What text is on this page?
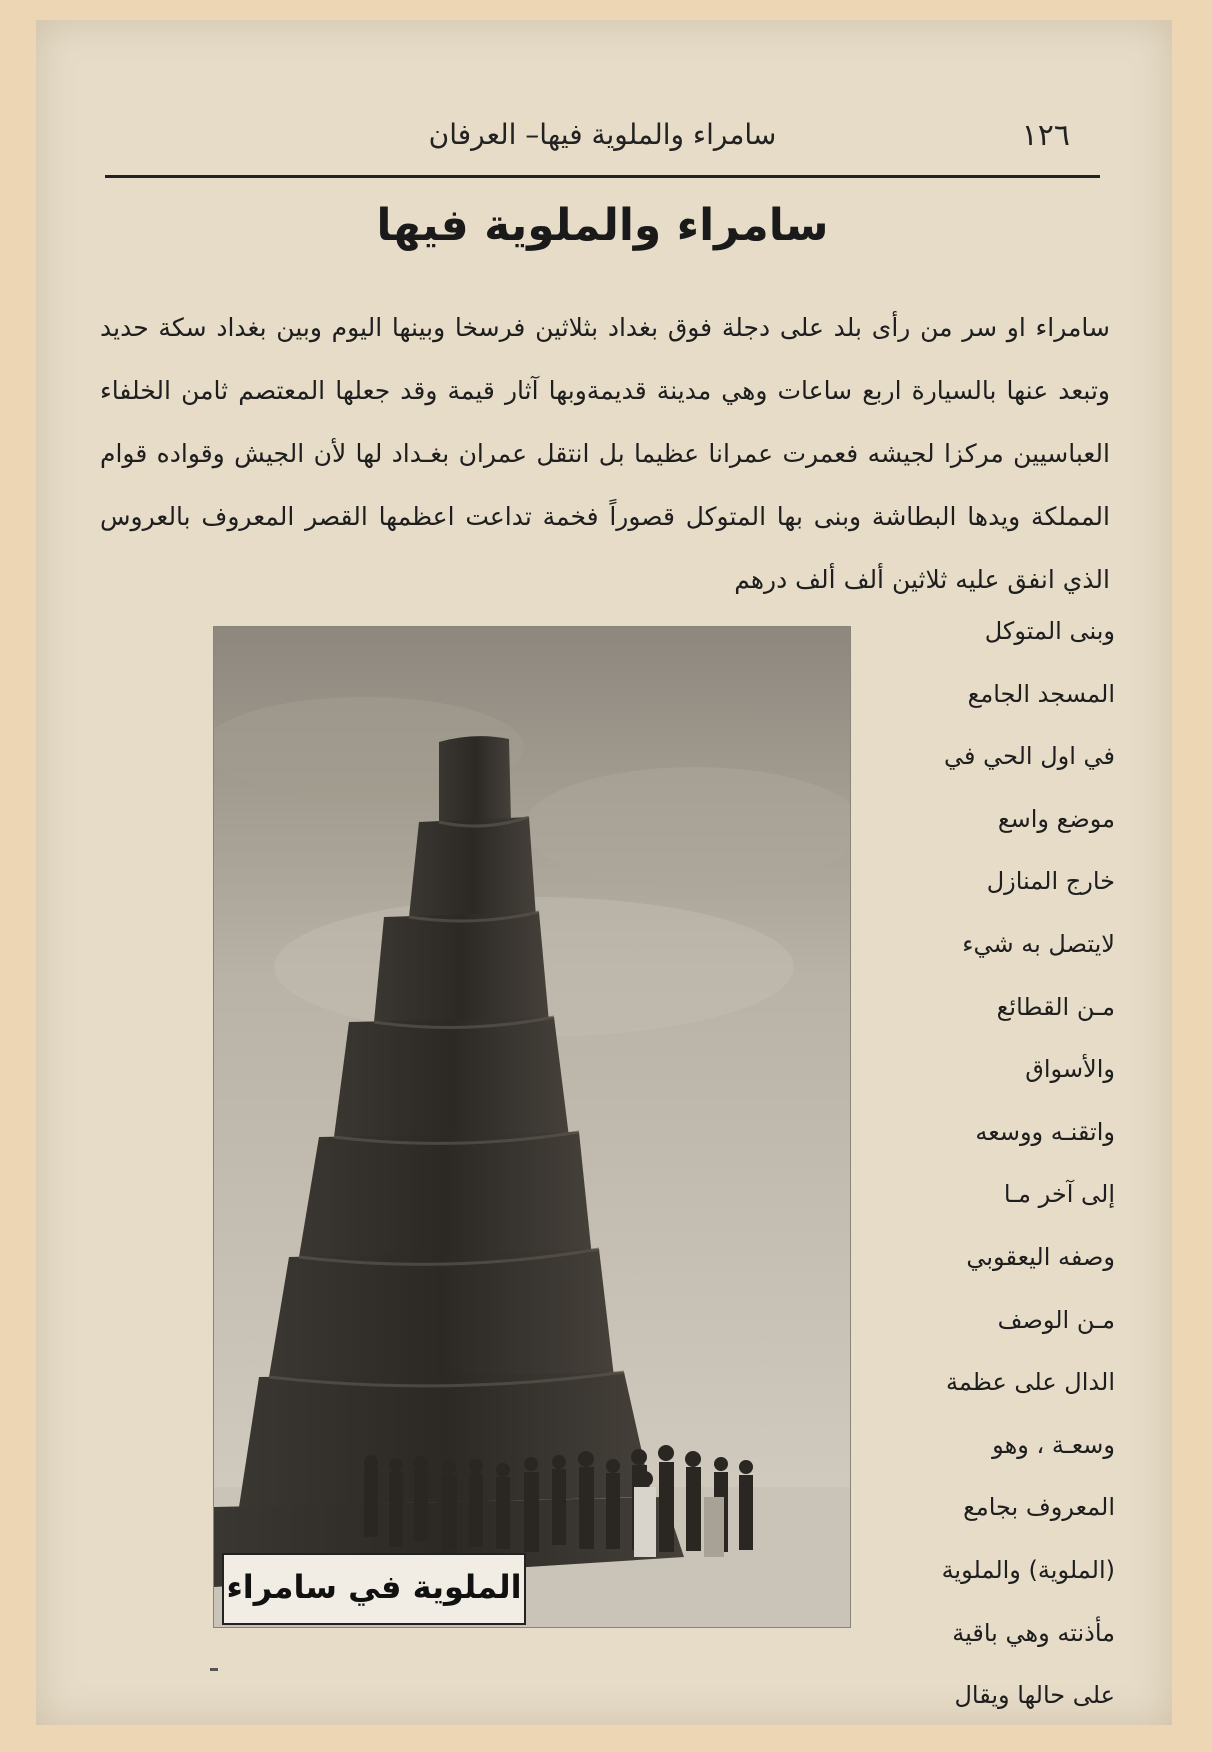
١٢٦
سامراء والملوية فيها– العرفان
سامراء والملوية فيها

سامراء او سر من رأى بلد على دجلة فوق بغداد بثلاثين فرسخا وبينها اليوم وبين بغداد سكة حديد وتبعد عنها بالسيارة اربع ساعات وهي مدينة قديمةوبها آثار قيمة وقد جعلها المعتصم ثامن الخلفاء العباسيين مركزا لجيشه فعمرت عمرانا عظيما بل انتقل عمران بغـداد لها لأن الجيش وقواده قوام المملكة ويدها البطاشة وبنى بها المتوكل قصوراً فخمة تداعت اعظمها القصر المعروف بالعروس الذي انفق عليه ثلاثين ألف ألف درهم

الملوية في سامراء
وبنى المتوكل
المسجد الجامع
في اول الحي في
موضع واسع
خارج المنازل
لايتصل به شيء
مـن القطائع
والأسواق
واتقنـه ووسعه
إلى آخر مـا
وصفه اليعقوبي
مـن الوصف
الدال على عظمة
وسعـة ، وهو
المعروف بجامع
(الملوية) والملوية
مأذنته وهي باقية
على حالها ويقال
